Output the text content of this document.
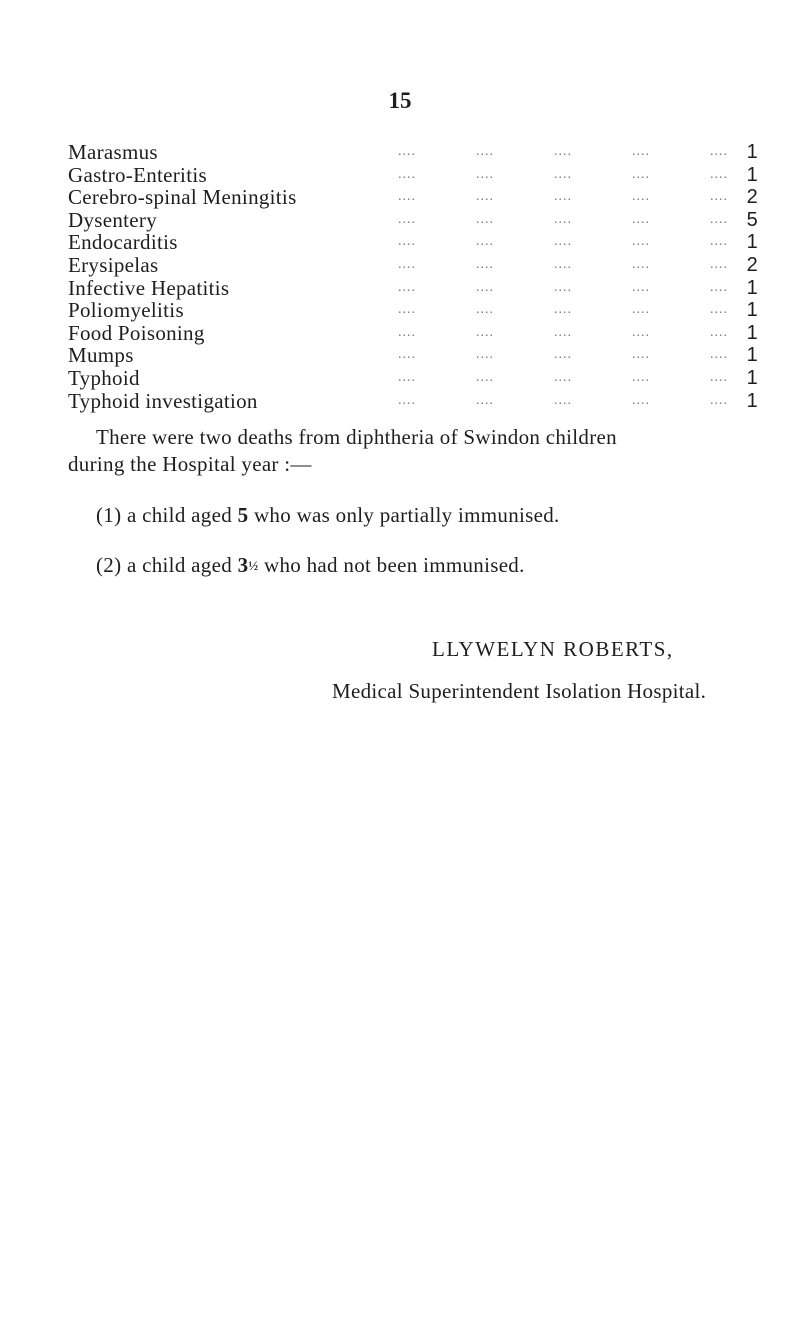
15
Marasmus	....	....	....	....	.... 1
Gastro-Enteritis	....	....	....	....	.... 1
Cerebro-spinal Meningitis	....	....	....	....	.... 2
Dysentery	....	....	....	....	.... 5
Endocarditis	....	....	....	....	.... 1
Erysipelas	....	....	....	....	.... 2
Infective Hepatitis	....	....	....	....	.... 1
Poliomyelitis	....	....	....	....	.... 1
Food Poisoning	....	....	....	....	.... 1
Mumps	....	....	....	....	.... 1
Typhoid	....	....	....	....	.... 1
Typhoid investigation	....	....	....	....	.... 1
There were two deaths from diphtheria of Swindon children
during the Hospital year :—
(1) a child aged 5 who was only partially immunised.
(2) a child aged 3½ who had not been immunised.
LLYWELYN ROBERTS,
Medical Superintendent Isolation Hospital.
